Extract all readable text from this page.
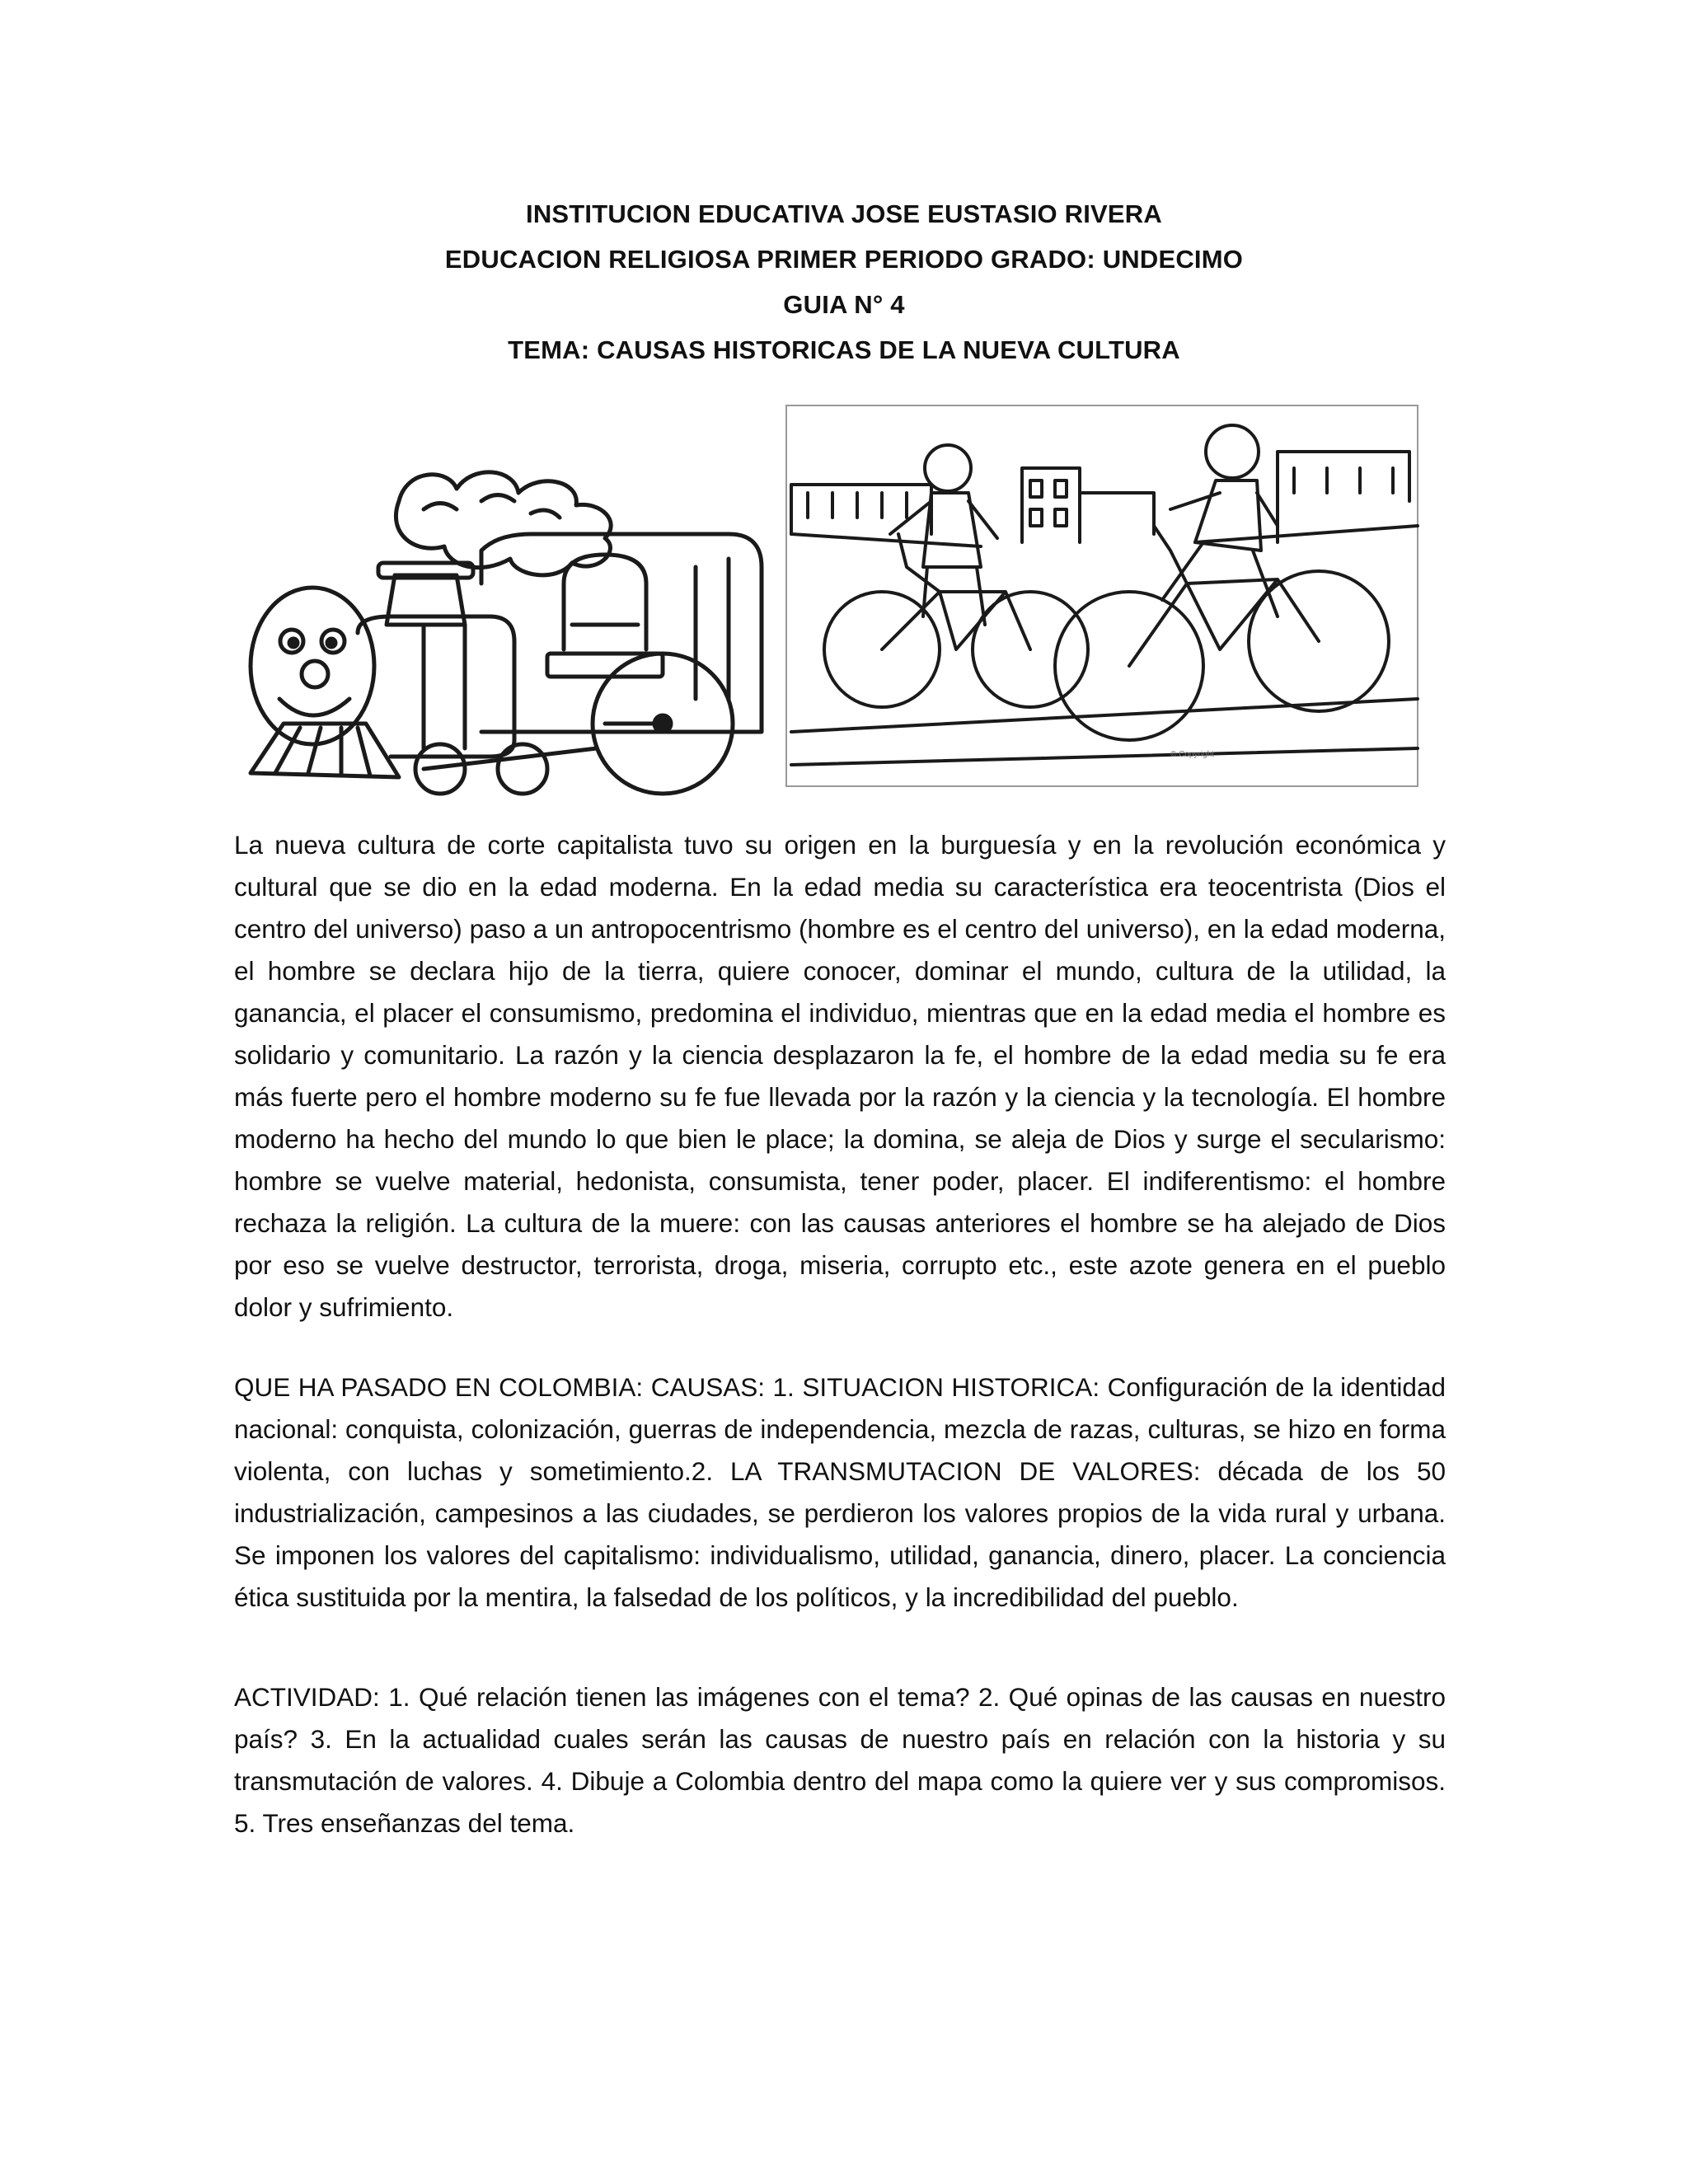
INSTITUCION EDUCATIVA JOSE EUSTASIO RIVERA
EDUCACION RELIGIOSA PRIMER PERIODO GRADO: UNDECIMO
GUIA N° 4
TEMA: CAUSAS HISTORICAS DE LA NUEVA CULTURA
© Copyright

La nueva cultura de corte capitalista tuvo su origen en la burguesía y en la revolución económica y cultural que se dio en la edad moderna. En la edad media su característica era teocentrista (Dios el centro del universo) paso a un antropocentrismo (hombre es el centro del universo), en la edad moderna, el hombre se declara hijo de la tierra, quiere conocer, dominar el mundo, cultura de la utilidad, la ganancia, el placer el consumismo, predomina el individuo, mientras que en la edad media el hombre es solidario y comunitario. La razón y la ciencia desplazaron la fe, el hombre de la edad media su fe era más fuerte pero el hombre moderno su fe fue llevada por la razón y la ciencia y la tecnología. El hombre moderno ha hecho del mundo lo que bien le place; la domina, se aleja de Dios y surge el secularismo: hombre se vuelve material, hedonista, consumista, tener poder, placer. El indiferentismo: el hombre rechaza la religión. La cultura de la muere: con las causas anteriores el hombre se ha alejado de Dios por eso se vuelve destructor, terrorista, droga, miseria, corrupto etc., este azote genera en el pueblo dolor y sufrimiento.

QUE HA PASADO EN COLOMBIA: CAUSAS: 1. SITUACION HISTORICA: Configuración de la identidad nacional: conquista, colonización, guerras de independencia, mezcla de razas, culturas, se hizo en forma violenta, con luchas y sometimiento.2. LA TRANSMUTACION DE VALORES: década de los 50 industrialización, campesinos a las ciudades, se perdieron los valores propios de la vida rural y urbana. Se imponen los valores del capitalismo: individualismo, utilidad, ganancia, dinero, placer. La conciencia ética sustituida por la mentira, la falsedad de los políticos, y la incredibilidad del pueblo.

ACTIVIDAD: 1. Qué relación tienen las imágenes con el tema? 2. Qué opinas de las causas en nuestro país? 3. En la actualidad cuales serán las causas de nuestro país en relación con la historia y su transmutación de valores. 4. Dibuje a Colombia dentro del mapa como la quiere ver y sus compromisos. 5. Tres enseñanzas del tema.
